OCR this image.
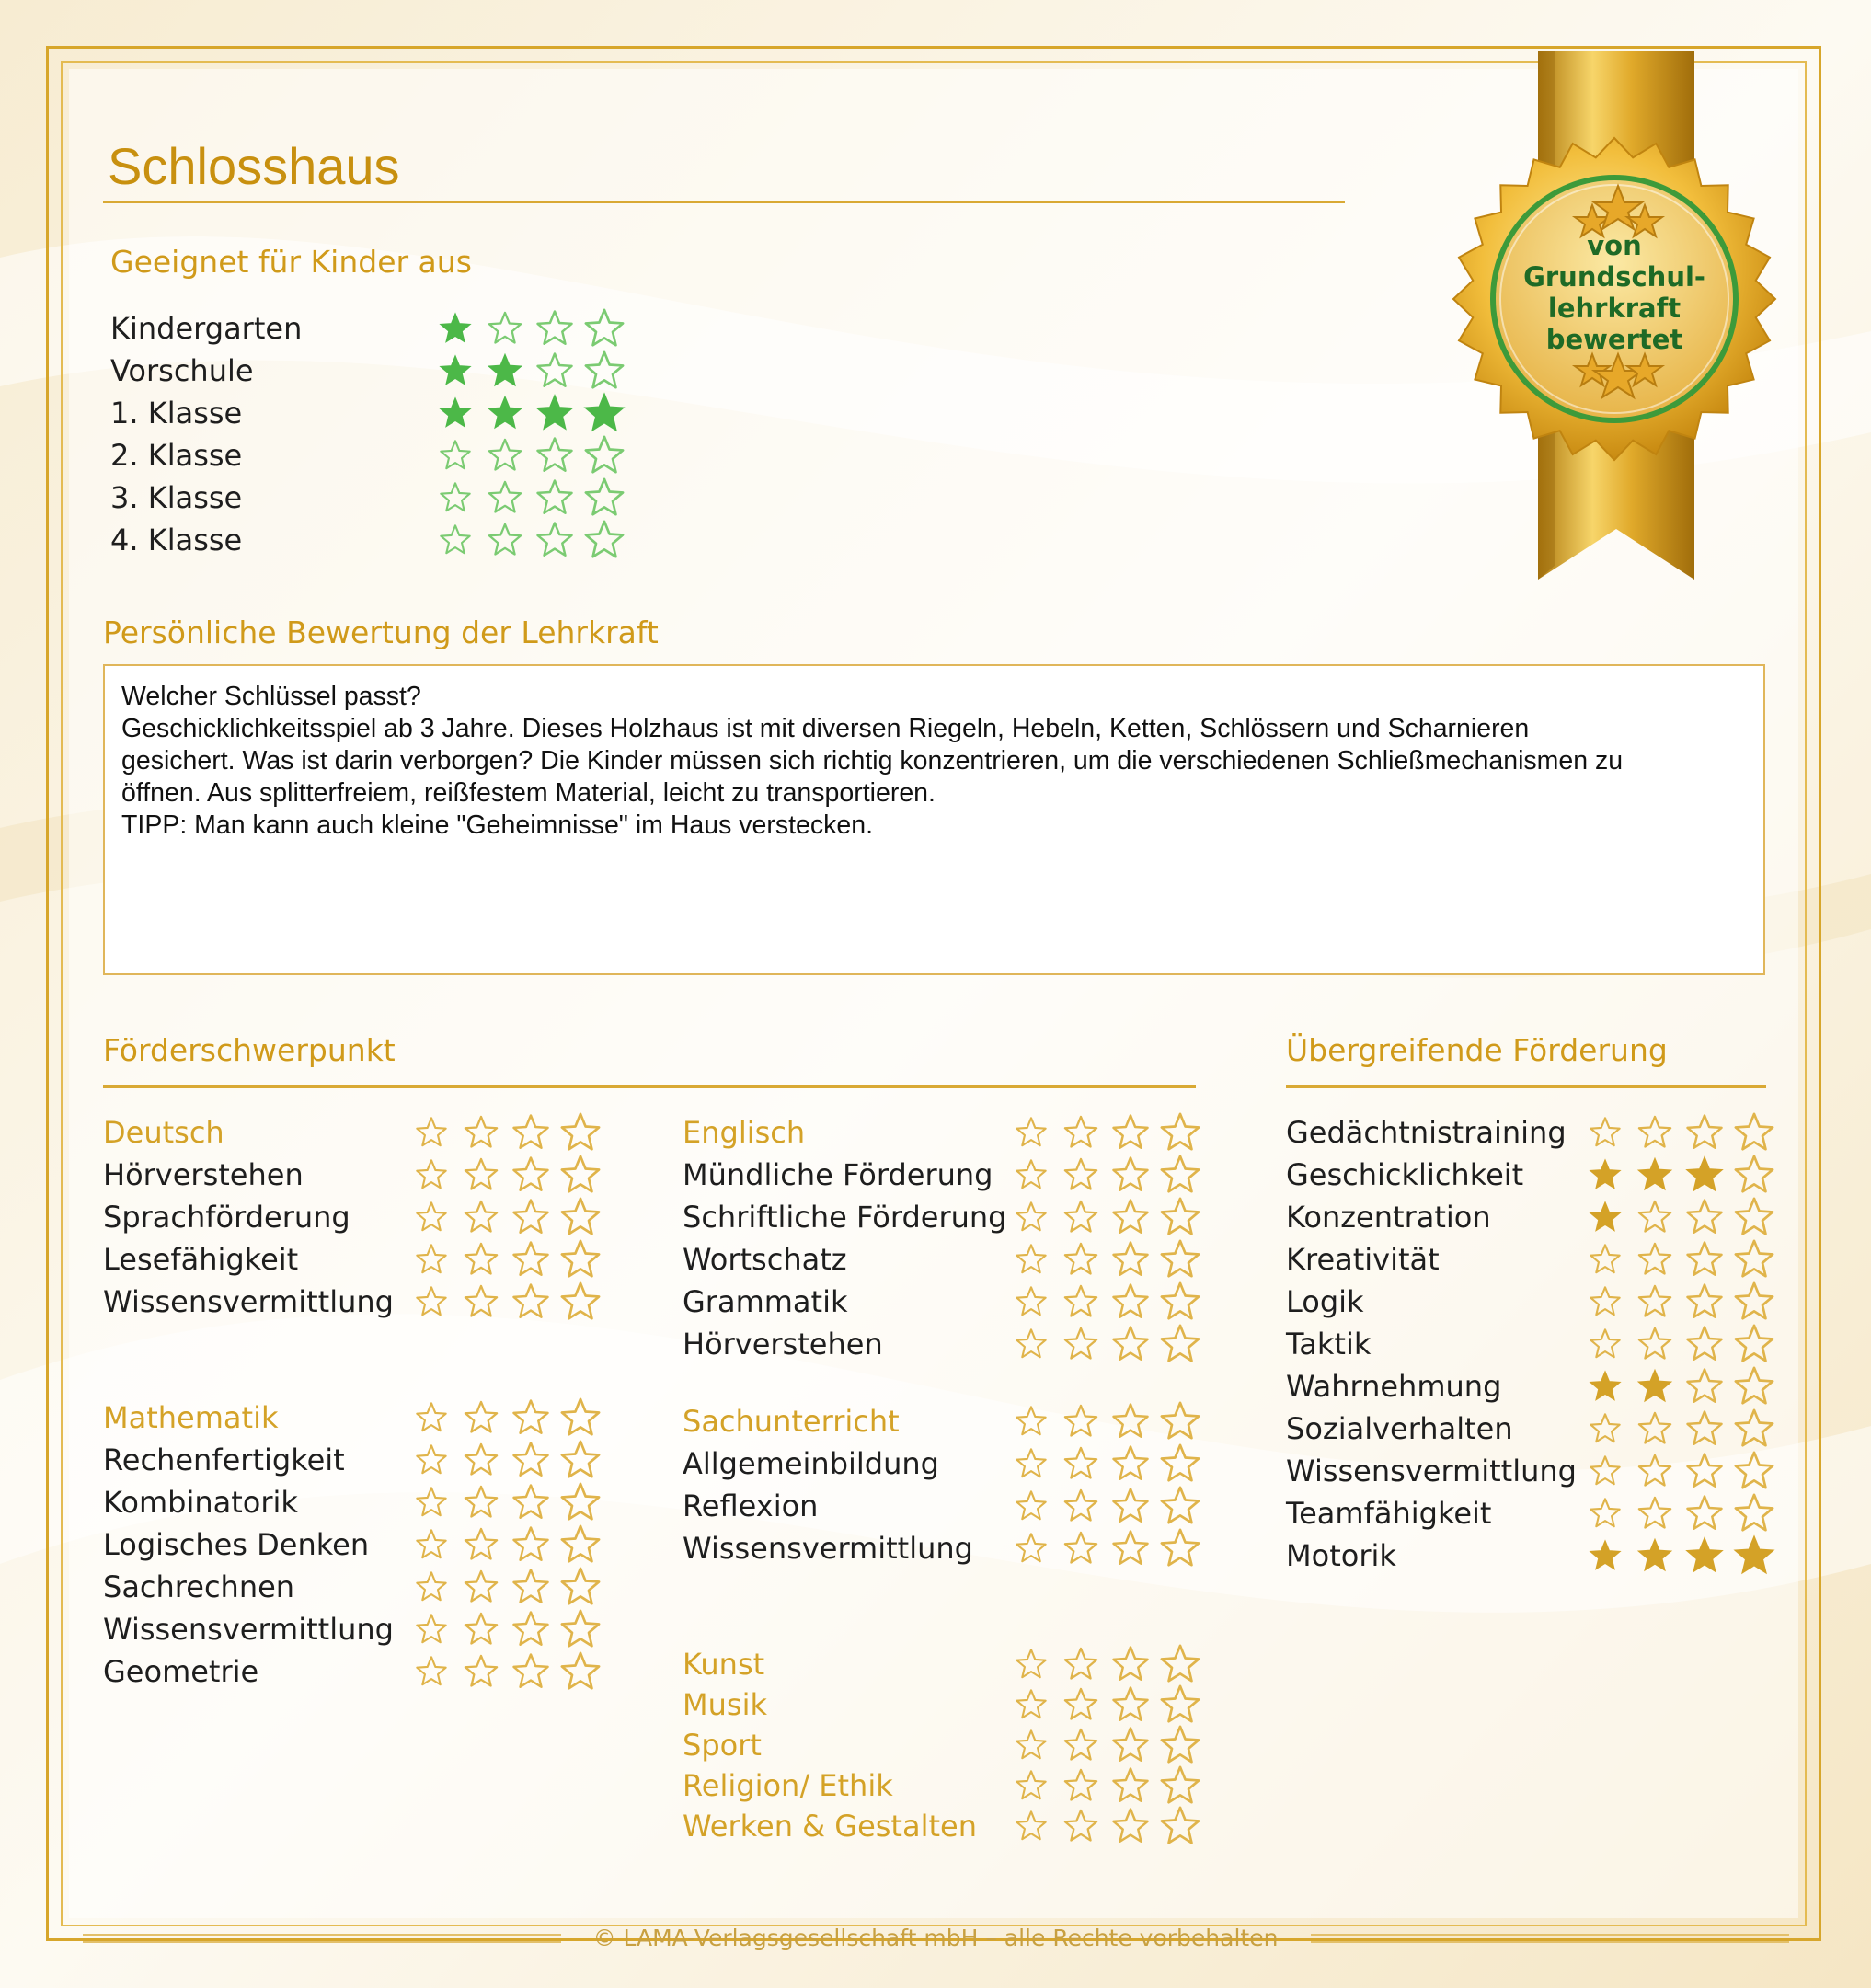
Schlosshaus
Geeignet für Kinder aus
Kindergarten
Vorschule
1. Klasse
2. Klasse
3. Klasse
4. Klasse
von Grundschul-lehrkraft bewertet
Persönliche Bewertung der Lehrkraft
Welcher Schlüssel passt?
Geschicklichkeitsspiel ab 3 Jahre. Dieses Holzhaus ist mit diversen Riegeln, Hebeln, Ketten, Schlössern und Scharnieren
gesichert. Was ist darin verborgen? Die Kinder müssen sich richtig konzentrieren, um die verschiedenen Schließmechanismen zu
öffnen. Aus splitterfreiem, reißfestem Material, leicht zu transportieren.
TIPP: Man kann auch kleine "Geheimnisse" im Haus verstecken.
Förderschwerpunkt	Übergreifende Förderung
Deutsch
Hörverstehen
Sprachförderung
Lesefähigkeit
Wissensvermittlung
Mathematik
Rechenfertigkeit
Kombinatorik
Logisches Denken
Sachrechnen
Wissensvermittlung
Geometrie
Englisch
Mündliche Förderung
Schriftliche Förderung
Wortschatz
Grammatik
Hörverstehen
Sachunterricht
Allgemeinbildung
Reflexion
Wissensvermittlung
Kunst
Musik
Sport
Religion/ Ethik
Werken & Gestalten
Gedächtnistraining
Geschicklichkeit
Konzentration
Kreativität
Logik
Taktik
Wahrnehmung
Sozialverhalten
Wissensvermittlung
Teamfähigkeit
Motorik
© LAMA-Verlagsgesellschaft mbH – alle Rechte vorbehalten
